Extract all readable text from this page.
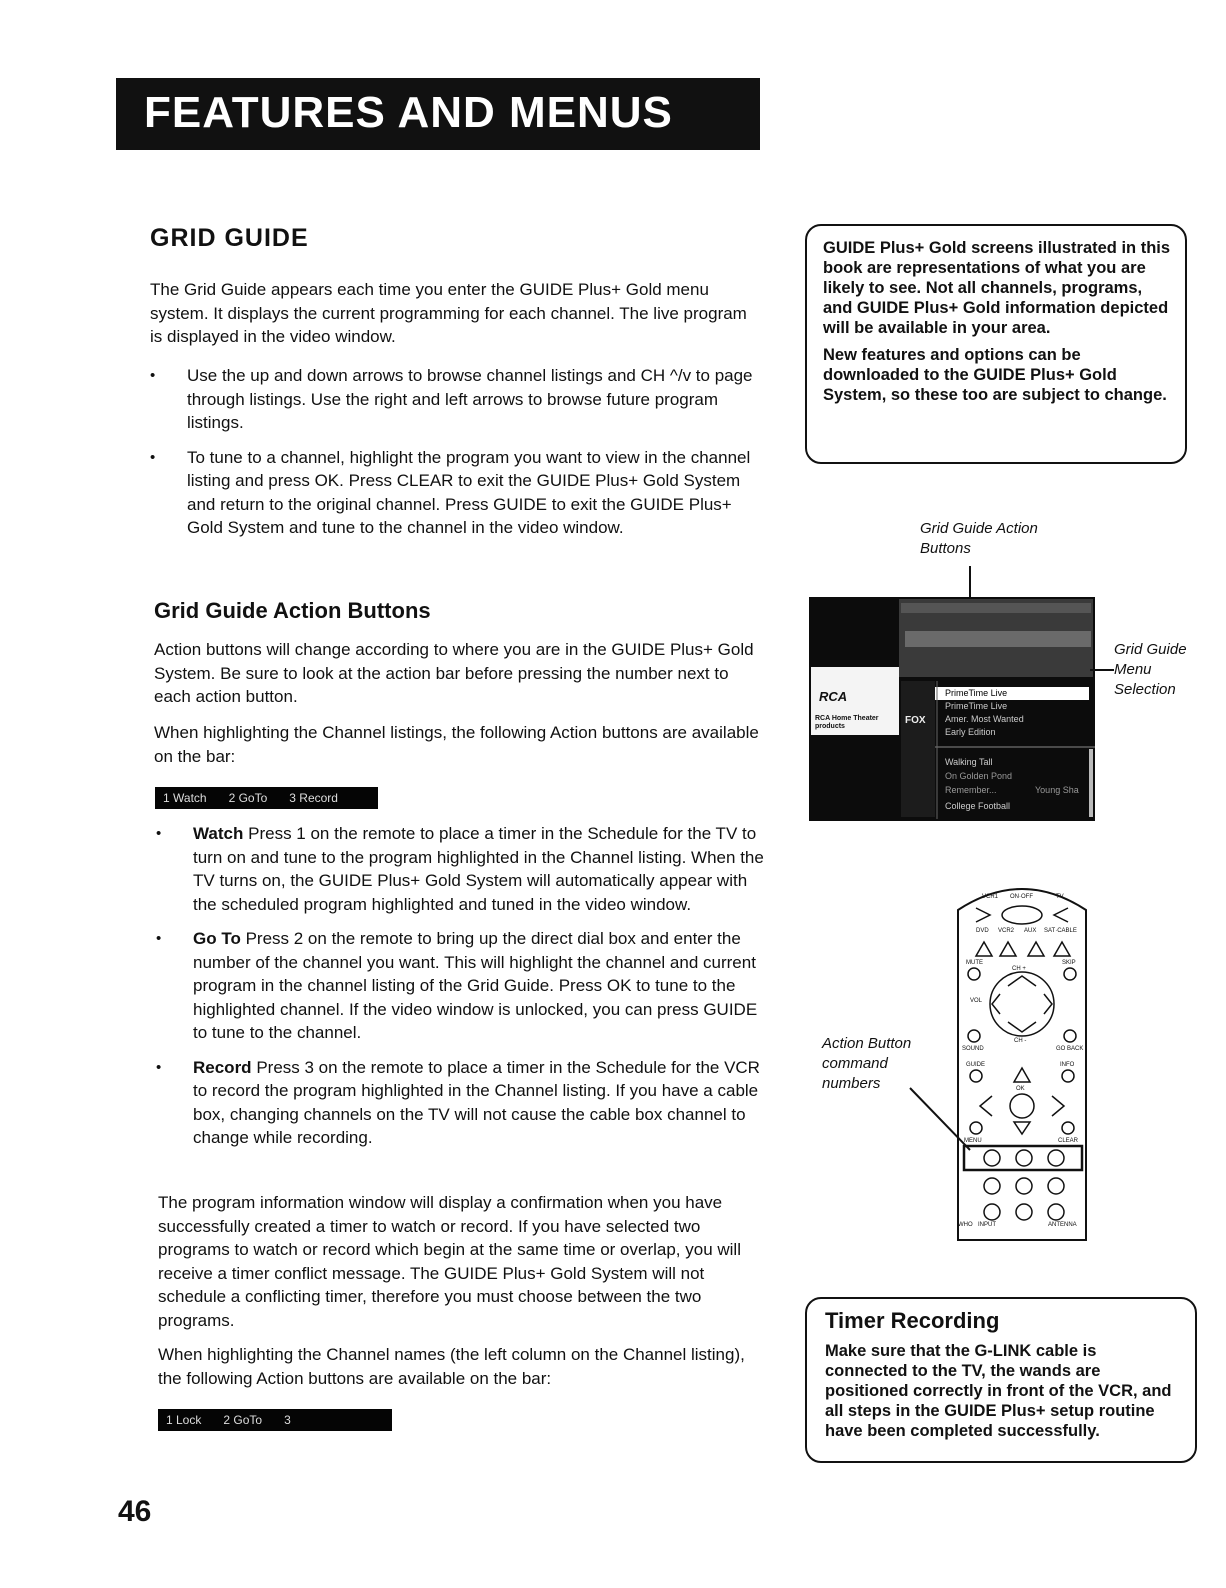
FEATURES AND MENUS
GRID GUIDE
The Grid Guide appears each time you enter the GUIDE Plus+ Gold menu system. It displays the current programming for each channel. The live program is displayed in the video window.
• Use the up and down arrows to browse channel listings and CH ^/v to page through listings. Use the right and left arrows to browse future program listings.
• To tune to a channel, highlight the program you want to view in the channel listing and press OK. Press CLEAR to exit the GUIDE Plus+ Gold System and return to the original channel. Press GUIDE to exit the GUIDE Plus+ Gold System and tune to the channel in the video window.
Grid Guide Action Buttons
Action buttons will change according to where you are in the GUIDE Plus+ Gold System. Be sure to look at the action bar before pressing the number next to each action button.
When highlighting the Channel listings, the following Action buttons are available on the bar:
1 Watch 2 GoTo 3 Record
• Watch Press 1 on the remote to place a timer in the Schedule for the TV to turn on and tune to the program highlighted in the Channel listing. When the TV turns on, the GUIDE Plus+ Gold System will automatically appear with the scheduled program highlighted and tuned in the video window.
• Go To Press 2 on the remote to bring up the direct dial box and enter the number of the channel you want. This will highlight the channel and current program in the channel listing of the Grid Guide. Press OK to tune to the highlighted channel. If the video window is unlocked, you can press GUIDE to tune to the channel.
• Record Press 3 on the remote to place a timer in the Schedule for the VCR to record the program highlighted in the Channel listing. If you have a cable box, changing channels on the TV will not cause the cable box channel to change while recording.
The program information window will display a confirmation when you have successfully created a timer to watch or record. If you have selected two programs to watch or record which begin at the same time or overlap, you will receive a timer conflict message. The GUIDE Plus+ Gold System will not schedule a conflicting timer, therefore you must choose between the two programs.
When highlighting the Channel names (the left column on the Channel listing), the following Action buttons are available on the bar:
1 Lock 2 GoTo 3
46

GUIDE Plus+ Gold screens illustrated in this book are representations of what you are likely to see. Not all channels, programs, and GUIDE Plus+ Gold information depicted will be available in your area.

New features and options can be downloaded to the GUIDE Plus+ Gold System, so these too are subject to change.

Grid Guide Action Buttons
RCA
RCA Home Theater products
FOX
PrimeTime Live
PrimeTime Live
Amer. Most Wanted
Early Edition
Walking Tall
On Golden Pond
Remember...	Young Sha
College Football
Grid Guide Menu Selection
VCR1 ON·OFF	TV
DVD VCR2 AUX SAT·CABLE
MUTE	SKIP
CH +
VOL
CH -
SOUND	GO BACK
GUIDE	INFO
OK
MENU	CLEAR
WHO INPUT	ANTENNA
Action Button command numbers
Timer Recording
Make sure that the G-LINK cable is connected to the TV, the wands are positioned correctly in front of the VCR, and all steps in the GUIDE Plus+ setup routine have been completed successfully.
